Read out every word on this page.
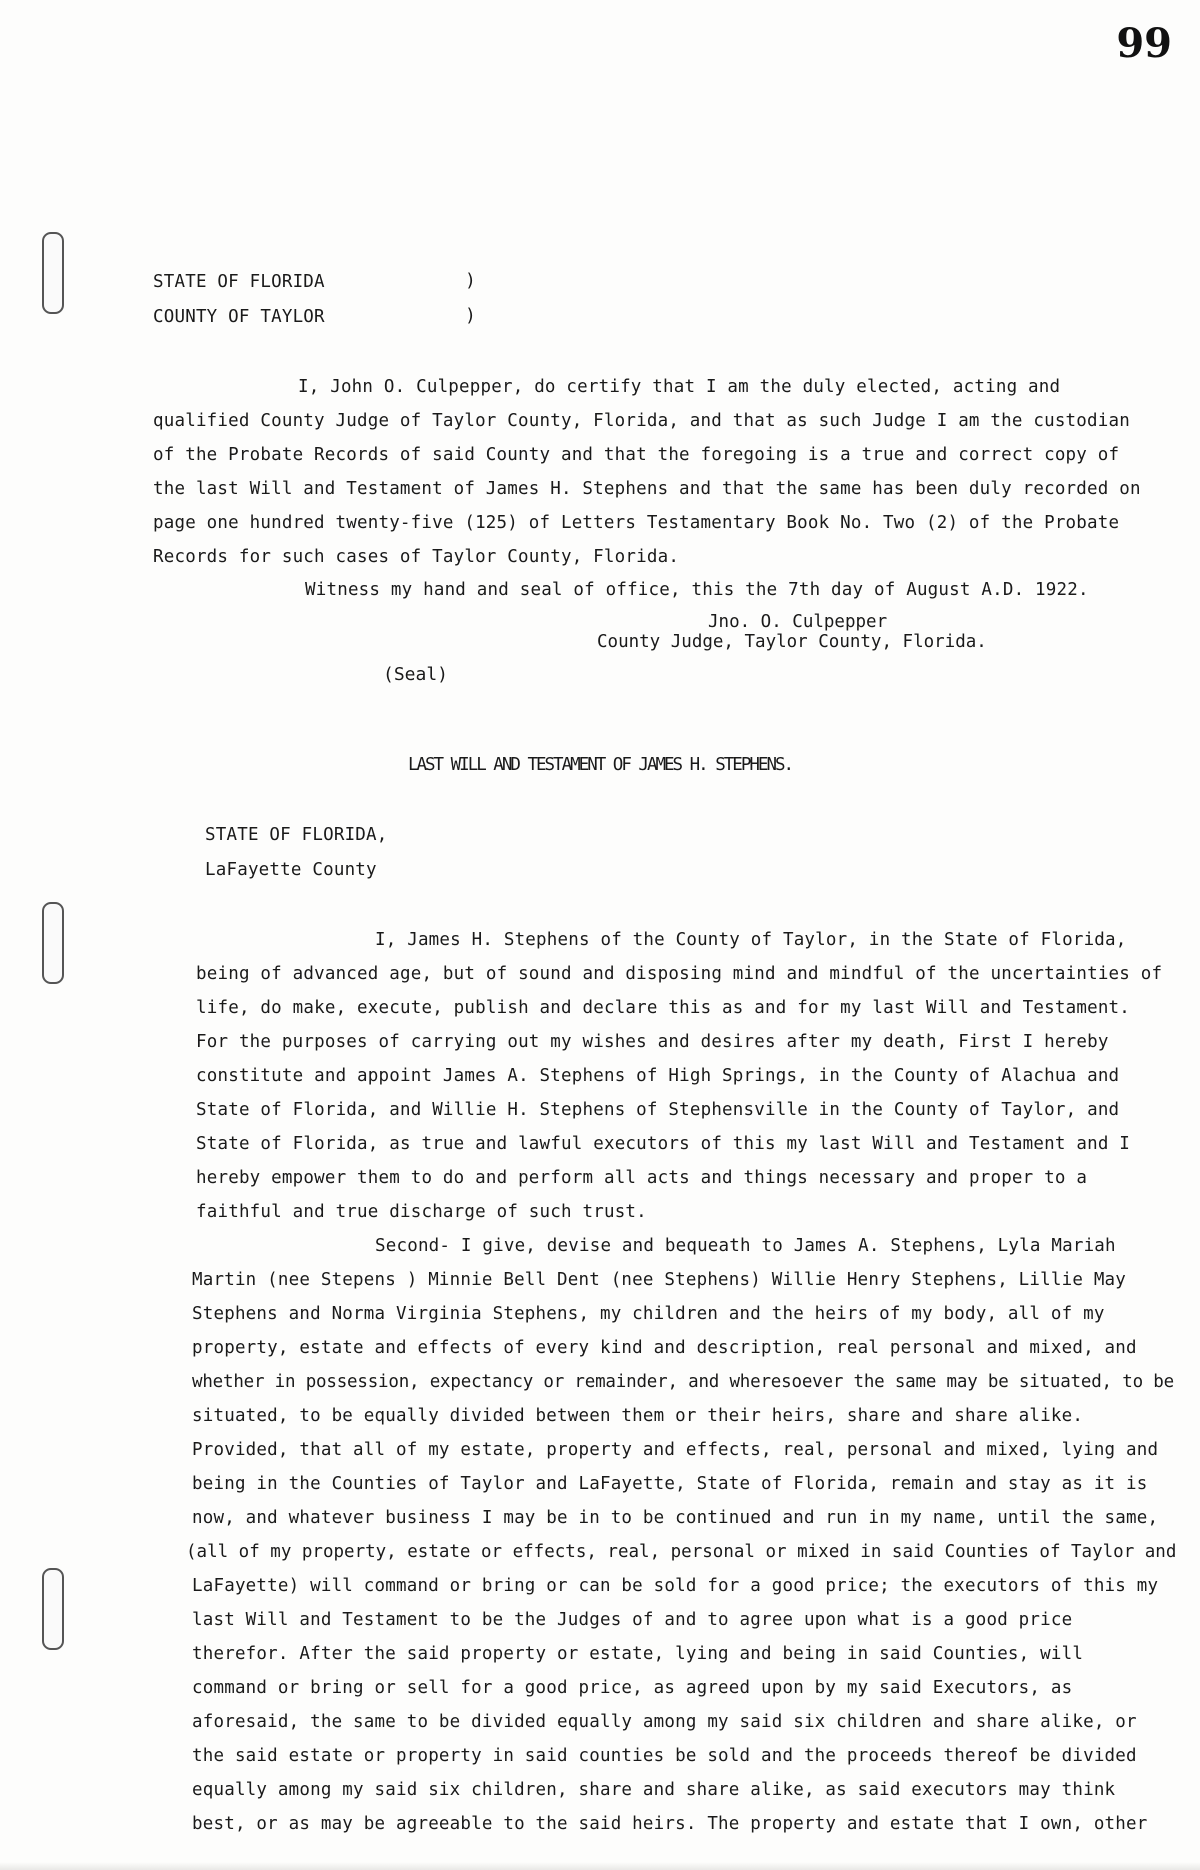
99
STATE OF FLORIDA	)
COUNTY OF TAYLOR	)
I, John O. Culpepper, do certify that I am the duly elected, acting and
qualified County Judge of Taylor County, Florida, and that as such Judge I am the custodian
of the Probate Records of said County and that the foregoing is a true and correct copy of
the last Will and Testament of James H. Stephens and that the same has been duly recorded on
page one hundred twenty-five (125) of Letters Testamentary Book No. Two (2) of the Probate
Records for such cases of Taylor County, Florida.
Witness my hand and seal of office, this the 7th day of August A.D. 1922.
Jno. O. Culpepper
County Judge, Taylor County, Florida.
(Seal)
LAST WILL AND TESTAMENT OF JAMES H. STEPHENS.
STATE OF FLORIDA,
LaFayette County
I, James H. Stephens of the County of Taylor, in the State of Florida,
being of advanced age, but of sound and disposing mind and mindful of the uncertainties of
life, do make, execute, publish and declare this as and for my last Will and Testament.
For the purposes of carrying out my wishes and desires after my death, First I hereby
constitute and appoint James A. Stephens of High Springs, in the County of Alachua and
State of Florida, and Willie H. Stephens of Stephensville in the County of Taylor, and
State of Florida, as true and lawful executors of this my last Will and Testament and I
hereby empower them to do and perform all acts and things necessary and proper to a
faithful and true discharge of such trust.
Second- I give, devise and bequeath to James A. Stephens, Lyla Mariah
Martin (nee Stepens ) Minnie Bell Dent (nee Stephens) Willie Henry Stephens, Lillie May
Stephens and Norma Virginia Stephens, my children and the heirs of my body, all of my
property, estate and effects of every kind and description, real personal and mixed, and
whether in possession, expectancy or remainder, and wheresoever the same may be situated, to be
situated, to be equally divided between them or their heirs, share and share alike.
Provided, that all of my estate, property and effects, real, personal and mixed, lying and
being in the Counties of Taylor and LaFayette, State of Florida, remain and stay as it is
now, and whatever business I may be in to be continued and run in my name, until the same,
(all of my property, estate or effects, real, personal or mixed in said Counties of Taylor and
LaFayette) will command or bring or can be sold for a good price; the executors of this my
last Will and Testament to be the Judges of and to agree upon what is a good price
therefor. After the said property or estate, lying and being in said Counties, will
command or bring or sell for a good price, as agreed upon by my said Executors, as
aforesaid, the same to be divided equally among my said six children and share alike, or
the said estate or property in said counties be sold and the proceeds thereof be divided
equally among my said six children, share and share alike, as said executors may think
best, or as may be agreeable to the said heirs. The property and estate that I own, other
